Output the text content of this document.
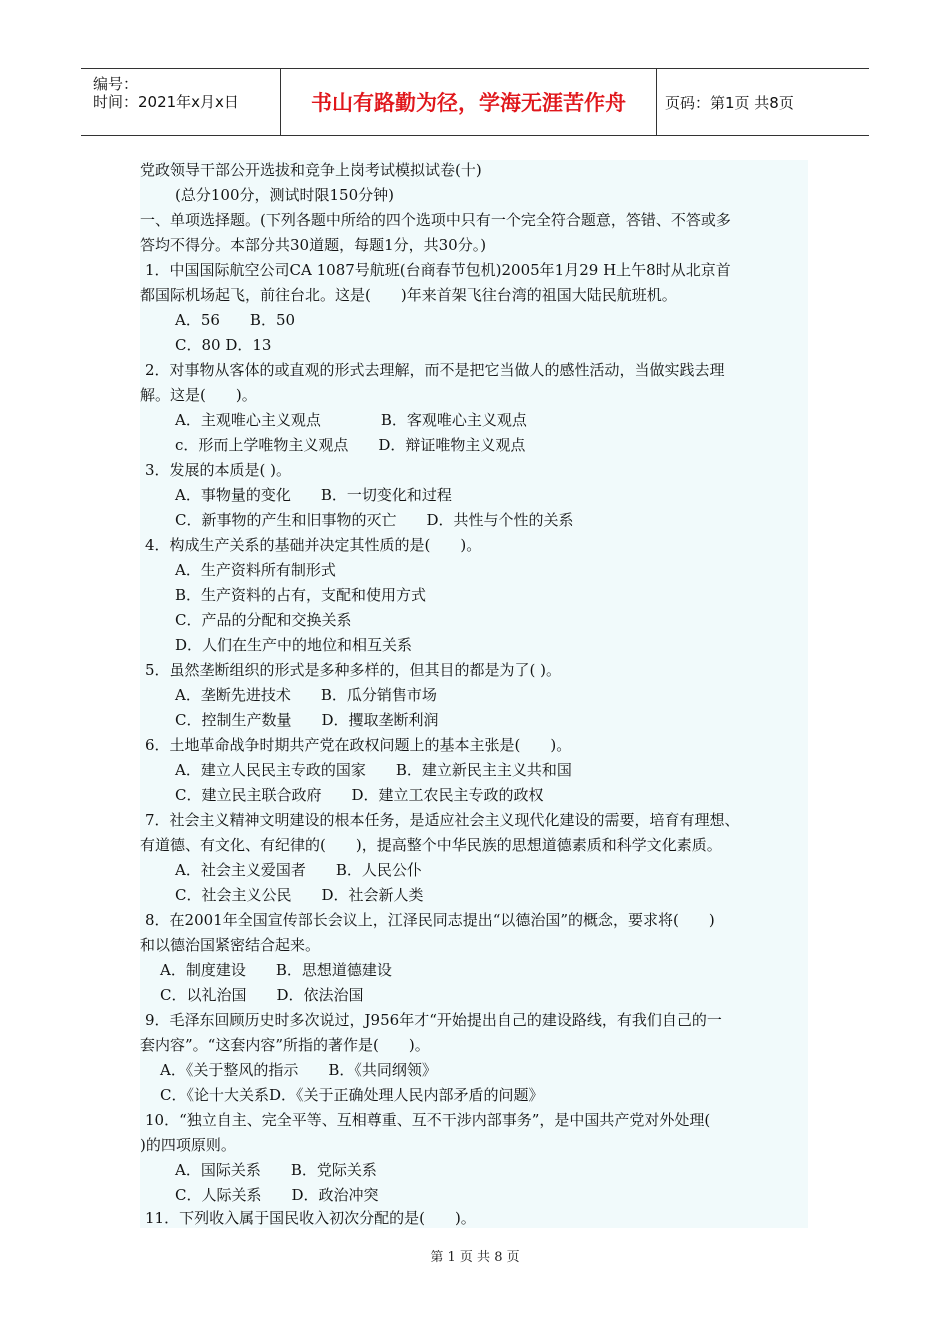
编号：
时间：2021年x月x日	书山有路勤为径，学海无涯苦作舟	页码：第1页 共8页
党政领导干部公开选拔和竞争上岗考试模拟试卷(十)
(总分100分，测试时限150分钟)
一、单项选择题。(下列各题中所给的四个选项中只有一个完全符合题意，答错、不答或多
答均不得分。本部分共30道题，每题1分，共30分。)
1．中国国际航空公司CA 1087号航班(台商春节包机)2005年1月29 H上午8时从北京首
都国际机场起飞，前往台北。这是(　　)年来首架飞往台湾的祖国大陆民航班机。
A．56　　B．50
C．80 D．13
2．对事物从客体的或直观的形式去理解，而不是把它当做人的感性活动，当做实践去理
解。这是(　　)。
A．主观唯心主义观点　　　　B．客观唯心主义观点
c．形而上学唯物主义观点　　D．辩证唯物主义观点
3．发展的本质是( )。
A．事物量的变化　　B．一切变化和过程
C．新事物的产生和旧事物的灭亡　　D．共性与个性的关系
4．构成生产关系的基础并决定其性质的是(　　)。
A．生产资料所有制形式
B．生产资料的占有，支配和使用方式
C．产品的分配和交换关系
D．人们在生产中的地位和相互关系
5．虽然垄断组织的形式是多种多样的，但其目的都是为了( )。
A．垄断先进技术　　B．瓜分销售市场
C．控制生产数量　　D．攫取垄断利润
6．土地革命战争时期共产党在政权问题上的基本主张是(　　)。
A．建立人民民主专政的国家　　B．建立新民主主义共和国
C．建立民主联合政府　　D．建立工农民主专政的政权
7．社会主义精神文明建设的根本任务，是适应社会主义现代化建设的需要，培育有理想、
有道德、有文化、有纪律的(　　)，提高整个中华民族的思想道德素质和科学文化素质。
A．社会主义爱国者　　B．人民公仆
C．社会主义公民　　D．社会新人类
8．在2001年全国宣传部长会议上，江泽民同志提出“以德治国”的概念，要求将(　　)
和以德治国紧密结合起来。
A．制度建设　　B．思想道德建设
C．以礼治国　　D．依法治国
9．毛泽东回顾历史时多次说过，J956年才“开始提出自己的建设路线，有我们自己的一
套内容”。“这套内容”所指的著作是(　　)。
A．《关于整风的指示　　B．《共同纲领》
C．《论十大关系D．《关于正确处理人民内部矛盾的问题》
10．“独立自主、完全平等、互相尊重、互不干涉内部事务”，是中国共产党对外处理(
)的四项原则。
A．国际关系　　B．党际关系
C．人际关系　　D．政治冲突
11．下列收入属于国民收入初次分配的是(　　)。
第 1 页 共 8 页
